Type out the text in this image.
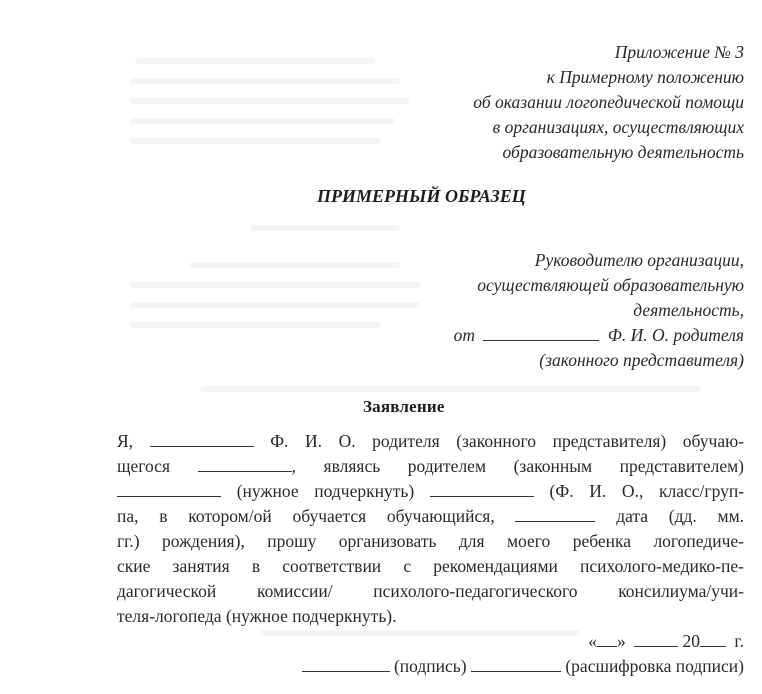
Приложение № 3
к Примерному положению
об оказании логопедической помощи
в организациях, осуществляющих
образовательную деятельность
ПРИМЕРНЫЙ ОБРАЗЕЦ
Руководителю организации,
осуществляющей образовательную
деятельность,
от	Ф. И. О. родителя
(законного представителя)
Заявление
Я,	Ф. И. О. родителя (законного представителя) обучаю-
щегося	, являясь родителем (законным представителем)
(нужное подчеркнуть)	(Ф. И. О., класс/груп-
па, в котором/ой обучается обучающийся,	дата (дд. мм.
гг.) рождения), прошу организовать для моего ребенка логопедиче-
ские занятия в соответствии с рекомендациями психолого-медико-пе-
дагогической комиссии/ психолого-педагогического консилиума/учи-
теля-логопеда (нужное подчеркнуть).
« »	20 г.
(подпись)	(расшифровка подписи)
